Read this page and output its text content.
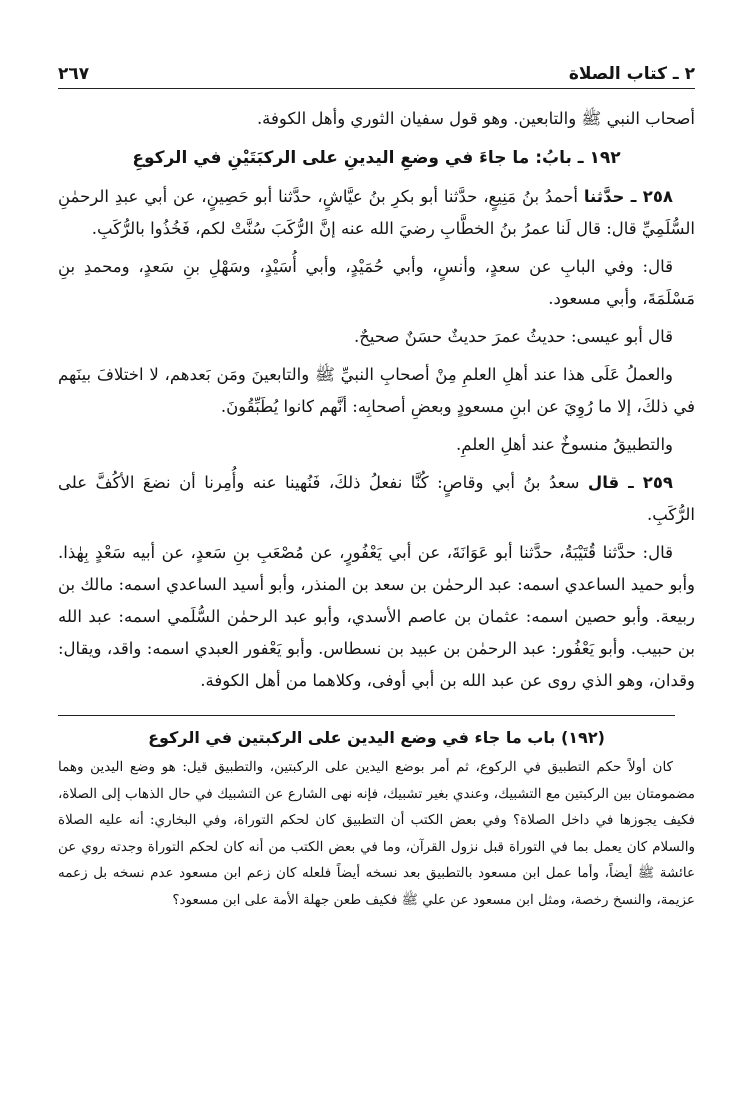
٢ ـ كتاب الصلاة
٢٦٧

أصحاب النبي ﷺ والتابعين. وهو قول سفيان الثوري وأهل الكوفة.

١٩٢ ـ بابُ: ما جاءَ في وضعِ اليدينِ على الركبَتَيْنِ في الركوعِ

٢٥٨ ـ حدَّثنا أحمدُ بنُ مَنِيعٍ، حدَّثنا أبو بكرِ بنُ عيَّاشٍ، حدَّثنا أبو حَصِينٍ، عن أبي عبدِ الرحمٰنِ السُّلَمِيِّ قال: قال لَنا عمرُ بنُ الخطَّابِ رضيَ الله عنه إنَّ الرُّكَبَ سُنَّتْ لكم، فَخُذُوا بالرُّكَبِ.

قال: وفي البابِ عن سعدٍ، وأنسٍ، وأبي حُمَيْدٍ، وأبي أُسَيْدٍ، وسَهْلِ بنِ سَعدٍ، ومحمدِ بنِ مَسْلَمَةَ، وأبي مسعود.

قال أبو عيسى: حديثُ عمرَ حديثٌ حسَنٌ صحيحٌ.

والعملُ عَلَى هذا عند أهلِ العلمِ مِنْ أصحابِ النبيِّ ﷺ والتابعينَ ومَن بَعدهم، لا اختلافَ بينَهم في ذلكَ، إلا ما رُوِيَ عن ابنِ مسعودٍ وبعضِ أصحابِه: أنَّهم كانوا يُطَبِّقُونَ.

والتطبيقُ منسوخٌ عند أهلِ العلمِ.

٢٥٩ ـ قال سعدُ بنُ أبي وقاصٍ: كُنَّا نفعلُ ذلكَ، فَنُهينا عنه وأُمِرنا أن نضعَ الأكُفَّ على الرُّكَبِ.

قال: حدَّثنا قُتَيْبَةُ، حدَّثنا أبو عَوَانَةَ، عن أبي يَعْفُورٍ، عن مُصْعَبِ بنِ سَعدٍ، عن أبيه سَعْدٍ بِهٰذا. وأبو حميد الساعدي اسمه: عبد الرحمٰن بن سعد بن المنذر، وأبو أسيد الساعدي اسمه: مالك بن ربيعة. وأبو حصين اسمه: عثمان بن عاصم الأسدي، وأبو عبد الرحمٰن السُّلَمي اسمه: عبد الله بن حبيب. وأبو يَعْفُور: عبد الرحمٰن بن عبيد بن نسطاس. وأبو يَعْفور العبدي اسمه: واقد، ويقال: وقدان، وهو الذي روى عن عبد الله بن أبي أوفى، وكلاهما من أهل الكوفة.

(١٩٢) باب ما جاء في وضع اليدين على الركبتين في الركوع

كان أولاً حكم التطبيق في الركوع، ثم أمر بوضع اليدين على الركبتين، والتطبيق قيل: هو وضع اليدين وهما مضمومتان بين الركبتين مع التشبيك، وعندي بغير تشبيك، فإنه نهى الشارع عن التشبيك في حال الذهاب إلى الصلاة، فكيف يجوزها في داخل الصلاة؟ وفي بعض الكتب أن التطبيق كان لحكم التوراة، وفي البخاري: أنه عليه الصلاة والسلام كان يعمل بما في التوراة قبل نزول القرآن، وما في بعض الكتب من أنه كان لحكم التوراة وجدته روي عن عائشة ﷺ أيضاً، وأما عمل ابن مسعود بالتطبيق بعد نسخه أيضاً فلعله كان زعم ابن مسعود عدم نسخه بل زعمه عزيمة، والنسخ رخصة، ومثل ابن مسعود عن علي ﷺ فكيف طعن جهلة الأمة على ابن مسعود؟
